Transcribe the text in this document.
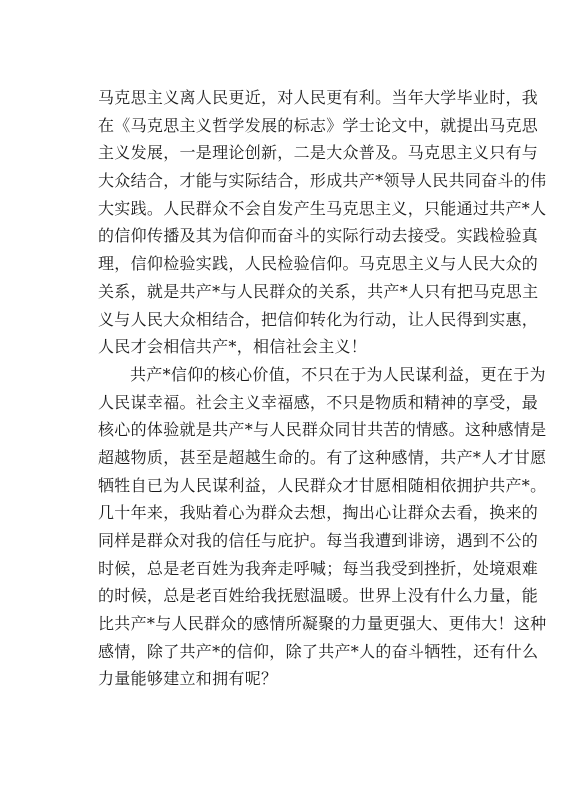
马克思主义离人民更近，对人民更有利。当年大学毕业时，我
在《马克思主义哲学发展的标志》学士论文中，就提出马克思
主义发展，一是理论创新，二是大众普及。马克思主义只有与
大众结合，才能与实际结合，形成共产*领导人民共同奋斗的伟
大实践。人民群众不会自发产生马克思主义，只能通过共产*人
的信仰传播及其为信仰而奋斗的实际行动去接受。实践检验真
理，信仰检验实践，人民检验信仰。马克思主义与人民大众的
关系，就是共产*与人民群众的关系，共产*人只有把马克思主
义与人民大众相结合，把信仰转化为行动，让人民得到实惠，
人民才会相信共产*，相信社会主义！
共产*信仰的核心价值，不只在于为人民谋利益，更在于为
人民谋幸福。社会主义幸福感，不只是物质和精神的享受，最
核心的体验就是共产*与人民群众同甘共苦的情感。这种感情是
超越物质，甚至是超越生命的。有了这种感情，共产*人才甘愿
牺牲自已为人民谋利益，人民群众才甘愿相随相依拥护共产*。
几十年来，我贴着心为群众去想，掏出心让群众去看，换来的
同样是群众对我的信任与庇护。每当我遭到诽谤，遇到不公的
时候，总是老百姓为我奔走呼喊；每当我受到挫折，处境艰难
的时候，总是老百姓给我抚慰温暖。世界上没有什么力量，能
比共产*与人民群众的感情所凝聚的力量更强大、更伟大！这种
感情，除了共产*的信仰，除了共产*人的奋斗牺牲，还有什么
力量能够建立和拥有呢？
